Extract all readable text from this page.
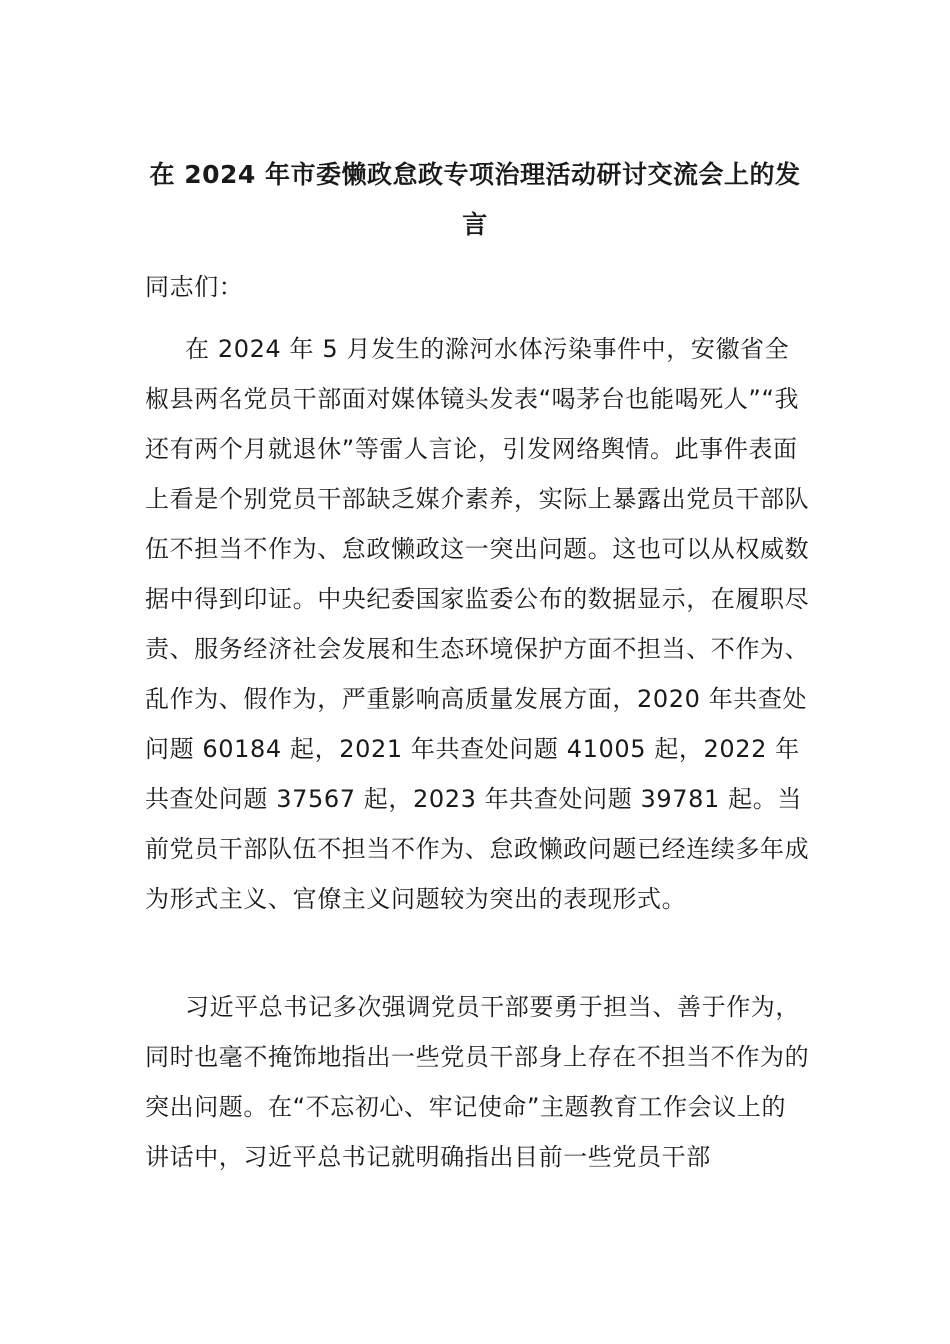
在 2024 年市委懒政怠政专项治理活动研讨交流会上的发言
同志们：

在 2024 年 5 月发生的滁河水体污染事件中，安徽省全椒县两名党员干部面对媒体镜头发表“喝茅台也能喝死人”“我还有两个月就退休”等雷人言论，引发网络舆情。此事件表面上看是个别党员干部缺乏媒介素养，实际上暴露出党员干部队伍不担当不作为、怠政懒政这一突出问题。这也可以从权威数据中得到印证。中央纪委国家监委公布的数据显示，在履职尽责、服务经济社会发展和生态环境保护方面不担当、不作为、乱作为、假作为，严重影响高质量发展方面，2020 年共查处问题 60184 起，2021 年共查处问题 41005 起，2022 年共查处问题 37567 起，2023 年共查处问题 39781 起。当前党员干部队伍不担当不作为、怠政懒政问题已经连续多年成为形式主义、官僚主义问题较为突出的表现形式。

习近平总书记多次强调党员干部要勇于担当、善于作为，同时也毫不掩饰地指出一些党员干部身上存在不担当不作为的突出问题。在“不忘初心、牢记使命”主题教育工作会议上的讲话中，习近平总书记就明确指出目前一些党员干部
